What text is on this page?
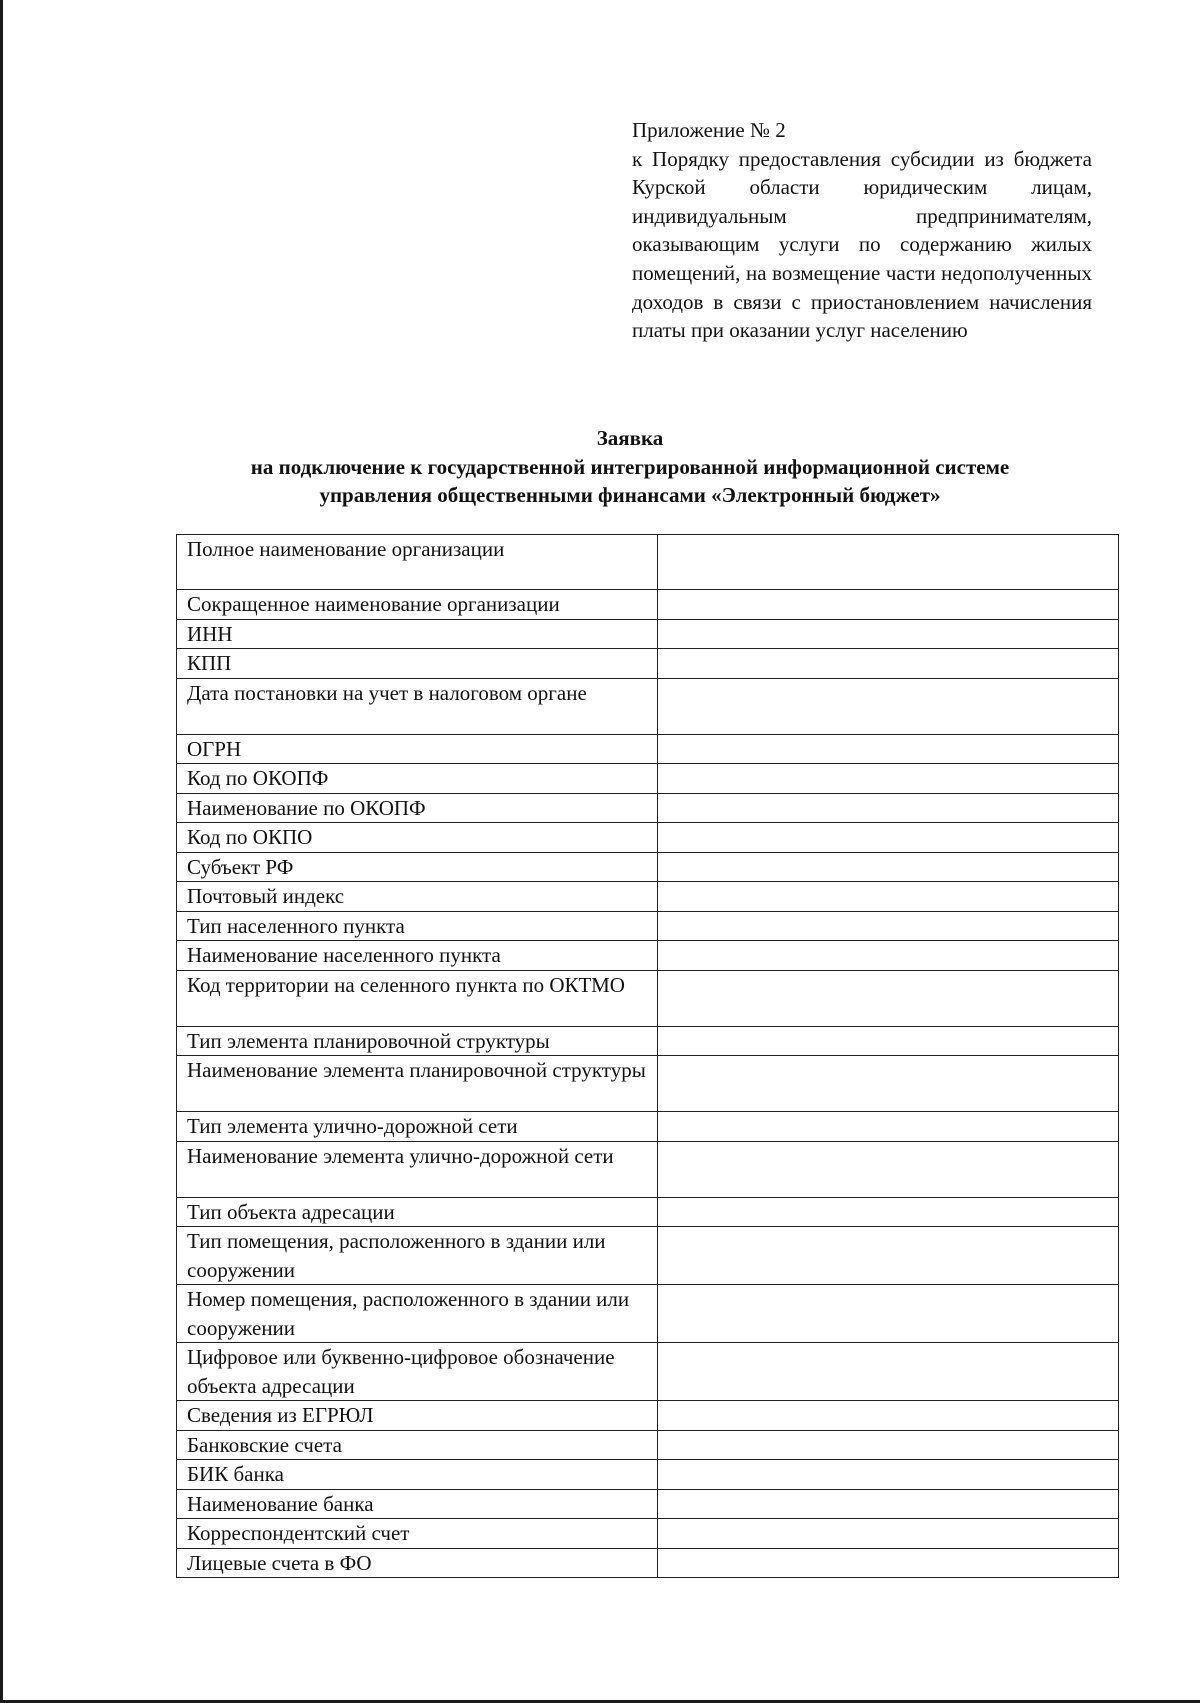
Приложение № 2
к Порядку предоставления субсидии из бюджета Курской области юридическим лицам, индивидуальным предпринимателям, оказывающим услуги по содержанию жилых помещений, на возмещение части недополученных доходов в связи с приостановлением начисления платы при оказании услуг населению
Заявка
на подключение к государственной интегрированной информационной системе
управления общественными финансами «Электронный бюджет»
Полное наименование организации	
Сокращенное наименование организации	
ИНН	
КПП	
Дата постановки на учет в налоговом органе	
ОГРН	
Код по ОКОПФ	
Наименование по ОКОПФ	
Код по ОКПО	
Субъект РФ	
Почтовый индекс	
Тип населенного пункта	
Наименование населенного пункта	
Код территории на селенного пункта по ОКТМО	
Тип элемента планировочной структуры	
Наименование элемента планировочной структуры	
Тип элемента улично-дорожной сети	
Наименование элемента улично-дорожной сети	
Тип объекта адресации	
Тип помещения, расположенного в здании или сооружении	
Номер помещения, расположенного в здании или сооружении	
Цифровое или буквенно-цифровое обозначение объекта адресации	
Сведения из ЕГРЮЛ	
Банковские счета	
БИК банка	
Наименование банка	
Корреспондентский счет	
Лицевые счета в ФО	
